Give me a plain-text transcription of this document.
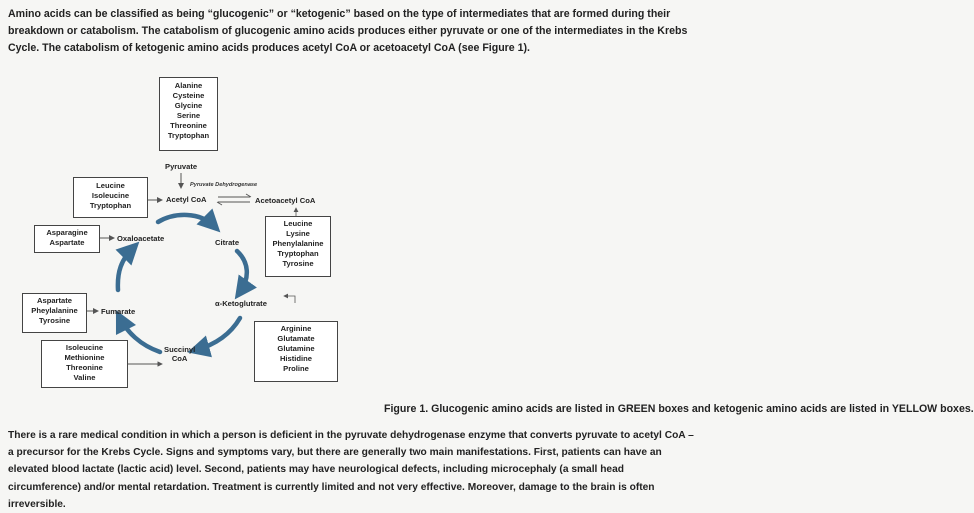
Amino acids can be classified as being “glucogenic” or “ketogenic” based on the type of intermediates that are formed during their breakdown or catabolism. The catabolism of glucogenic amino acids produces either pyruvate or one of the intermediates in the Krebs Cycle. The catabolism of ketogenic amino acids produces acetyl CoA or acetoacetyl CoA (see Figure 1).
Alanine
Cysteine
Glycine
Serine
Threonine
Tryptophan
Pyruvate
Pyruvate Dehydrogenase
Acetyl CoA	Acetoacetyl CoA
Leucine
Isoleucine
Tryptophan
Leucine
Lysine
Phenylalanine
Tryptophan
Tyrosine
Asparagine
Aspartate	Oxaloacetate	Citrate
α-Ketoglutrate
Arginine
Glutamate
Glutamine
Histidine
Proline
Aspartate
Pheylalanine
Tyrosine
Fumarate
Succinyl
CoA
Isoleucine
Methionine
Threonine
Valine
Figure 1. Glucogenic amino acids are listed in GREEN boxes and ketogenic amino acids are listed in YELLOW boxes.
There is a rare medical condition in which a person is deficient in the pyruvate dehydrogenase enzyme that converts pyruvate to acetyl CoA – a precursor for the Krebs Cycle. Signs and symptoms vary, but there are generally two main manifestations. First, patients can have an elevated blood lactate (lactic acid) level. Second, patients may have neurological defects, including microcephaly (a small head circumference) and/or mental retardation. Treatment is currently limited and not very effective. Moreover, damage to the brain is often irreversible.
